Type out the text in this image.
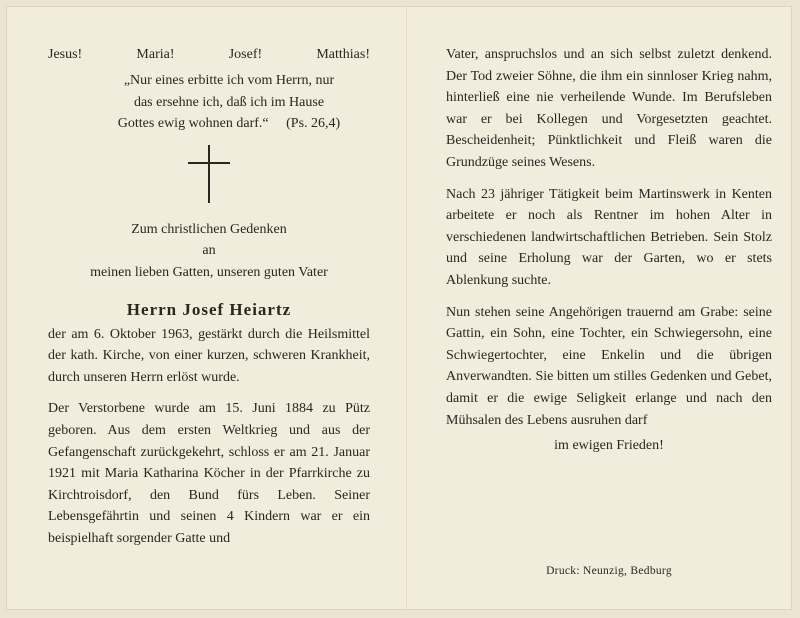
Jesus!	Maria!	Josef!	Matthias!
„Nur eines erbitte ich vom Herrn, nur
das ersehne ich, daß ich im Hause
Gottes ewig wohnen darf.“ (Ps. 26,4)
Zum christlichen Gedenken
an
meinen lieben Gatten, unseren guten Vater
Herrn Josef Heiartz

der am 6. Oktober 1963, gestärkt durch die Heilsmittel der kath. Kirche, von einer kurzen, schweren Krankheit, durch unseren Herrn erlöst wurde.

Der Verstorbene wurde am 15. Juni 1884 zu Pütz geboren. Aus dem ersten Weltkrieg und aus der Gefangenschaft zurückgekehrt, schloss er am 21. Januar 1921 mit Maria Katharina Köcher in der Pfarrkirche zu Kirchtroisdorf, den Bund fürs Leben. Seiner Lebensgefährtin und seinen 4 Kindern war er ein beispielhaft sorgender Gatte und

Vater, anspruchslos und an sich selbst zuletzt denkend. Der Tod zweier Söhne, die ihm ein sinnloser Krieg nahm, hinterließ eine nie verheilende Wunde. Im Berufsleben war er bei Kollegen und Vorgesetzten geachtet. Bescheidenheit; Pünktlichkeit und Fleiß waren die Grundzüge seines Wesens.

Nach 23 jähriger Tätigkeit beim Martinswerk in Kenten arbeitete er noch als Rentner im hohen Alter in verschiedenen landwirtschaftlichen Betrieben. Sein Stolz und seine Erholung war der Garten, wo er stets Ablenkung suchte.

Nun stehen seine Angehörigen trauernd am Grabe: seine Gattin, ein Sohn, eine Tochter, ein Schwiegersohn, eine Schwiegertochter, eine Enkelin und die übrigen Anverwandten. Sie bitten um stilles Gedenken und Gebet, damit er die ewige Seligkeit erlange und nach den Mühsalen des Lebens ausruhen darf

im ewigen Frieden!
Druck: Neunzig, Bedburg
